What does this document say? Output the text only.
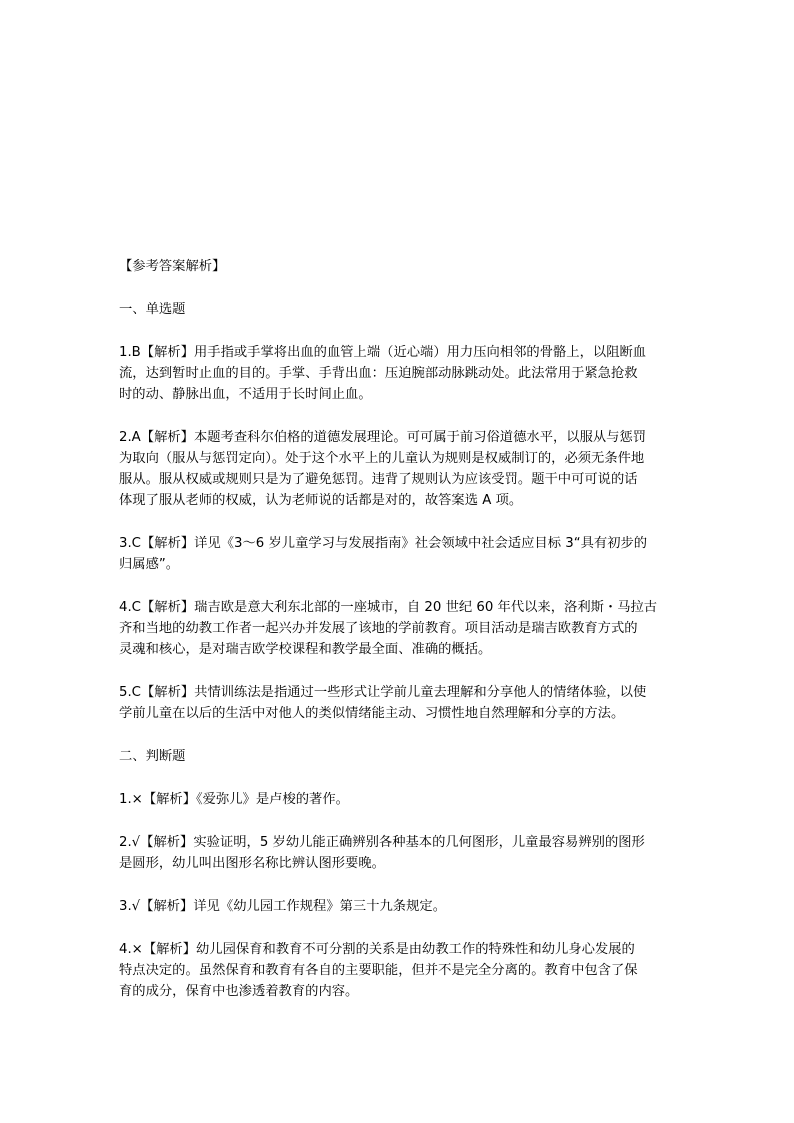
【参考答案解析】
一、单选题
1.B【解析】用手指或手掌将出血的血管上端（近心端）用力压向相邻的骨骼上，以阻断血
流，达到暂时止血的目的。手掌、手背出血：压迫腕部动脉跳动处。此法常用于紧急抢救
时的动、静脉出血，不适用于长时间止血。
2.A【解析】本题考查科尔伯格的道德发展理论。可可属于前习俗道德水平，以服从与惩罚
为取向（服从与惩罚定向）。处于这个水平上的儿童认为规则是权威制订的，必须无条件地
服从。服从权威或规则只是为了避免惩罚。违背了规则认为应该受罚。题干中可可说的话
体现了服从老师的权威，认为老师说的话都是对的，故答案选 A 项。
3.C【解析】详见《3～6 岁儿童学习与发展指南》社会领域中社会适应目标 3“具有初步的
归属感”。
4.C【解析】瑞吉欧是意大利东北部的一座城市，自 20 世纪 60 年代以来，洛利斯・马拉古
齐和当地的幼教工作者一起兴办并发展了该地的学前教育。项目活动是瑞吉欧教育方式的
灵魂和核心，是对瑞吉欧学校课程和教学最全面、准确的概括。
5.C【解析】共情训练法是指通过一些形式让学前儿童去理解和分享他人的情绪体验，以使
学前儿童在以后的生活中对他人的类似情绪能主动、习惯性地自然理解和分享的方法。
二、判断题
1.×【解析】《爱弥儿》是卢梭的著作。
2.√【解析】实验证明，5 岁幼儿能正确辨别各种基本的几何图形，儿童最容易辨别的图形
是圆形，幼儿叫出图形名称比辨认图形要晚。
3.√【解析】详见《幼儿园工作规程》第三十九条规定。
4.×【解析】幼儿园保育和教育不可分割的关系是由幼教工作的特殊性和幼儿身心发展的
特点决定的。虽然保育和教育有各自的主要职能，但并不是完全分离的。教育中包含了保
育的成分，保育中也渗透着教育的内容。
